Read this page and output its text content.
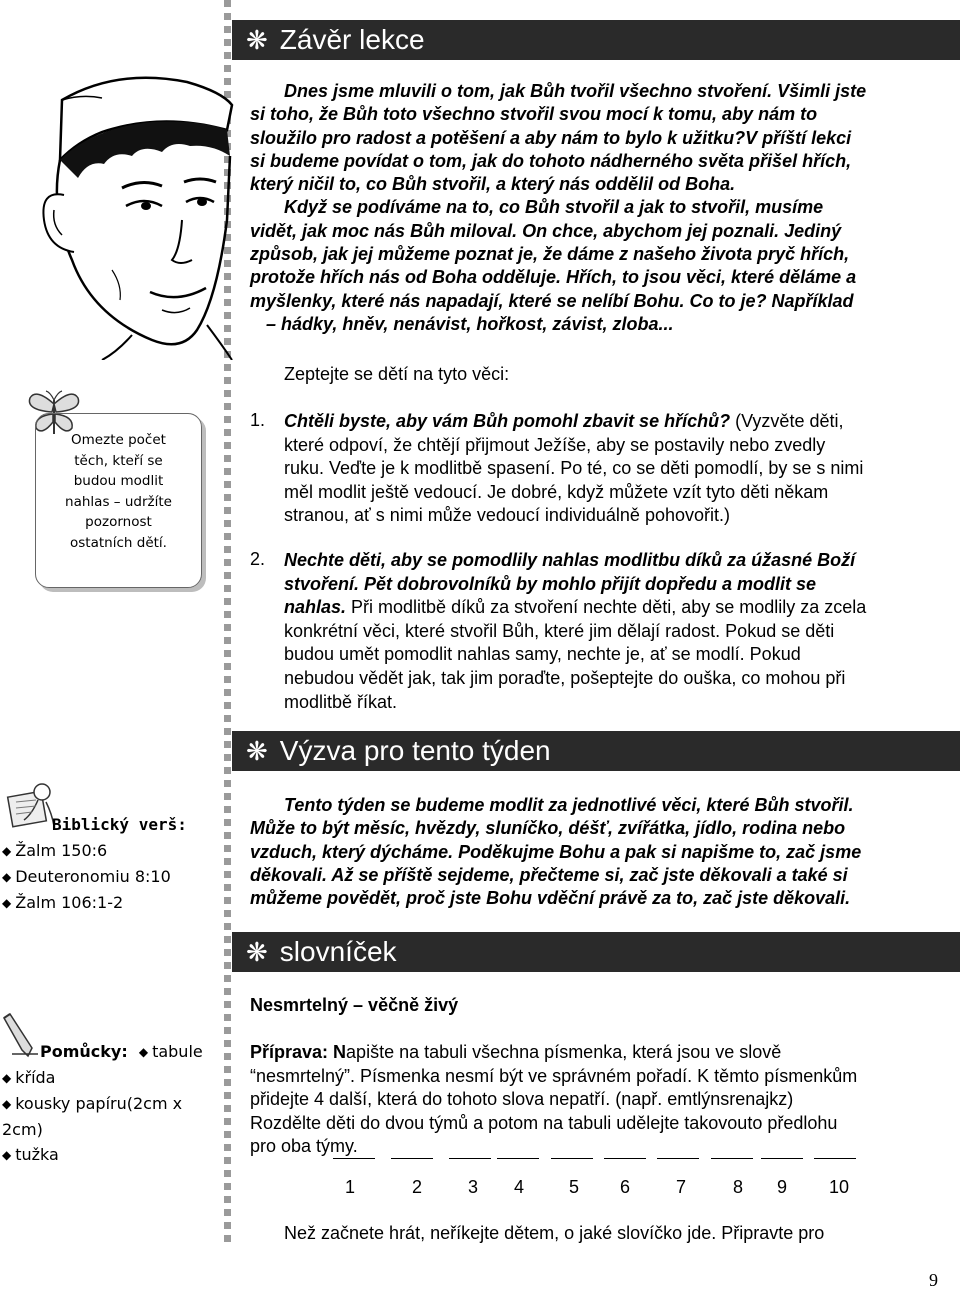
❋ Závěr lekce
Dnes jsme mluvili o tom, jak Bůh tvořil všechno stvoření. Všimli jste
si toho, že Bůh toto všechno stvořil svou mocí k tomu, aby nám to
sloužilo pro radost a potěšení a aby nám to bylo k užitku?V příští lekci
si budeme povídat o tom, jak do tohoto nádherného světa přišel hřích,
který ničil to, co Bůh stvořil, a který nás oddělil od Boha.
Když se podíváme na to, co Bůh stvořil a jak to stvořil, musíme
vidět, jak moc nás Bůh miloval. On chce, abychom jej poznali. Jediný
způsob, jak jej můžeme poznat je, že dáme z našeho života pryč hřích,
protože hřích nás od Boha odděluje. Hřích, to jsou věci, které děláme a
myšlenky, které nás napadají, které se nelíbí Bohu. Co to je? Například
– hádky, hněv, nenávist, hořkost, závist, zloba...
Zeptejte se dětí na tyto věci:
1. Chtěli byste, aby vám Bůh pomohl zbavit se hříchů? (Vyzvěte děti,
které odpoví, že chtějí přijmout Ježíše, aby se postavily nebo zvedly
ruku. Veďte je k modlitbě spasení. Po té, co se děti pomodlí, by se s nimi
měl modlit ještě vedoucí. Je dobré, když můžete vzít tyto děti někam
stranou, ať s nimi může vedoucí individuálně pohovořit.)
2. Nechte děti, aby se pomodlily nahlas modlitbu díků za úžasné Boží
stvoření. Pět dobrovolníků by mohlo přijít dopředu a modlit se
nahlas. Při modlitbě díků za stvoření nechte děti, aby se modlily za zcela
konkrétní věci, které stvořil Bůh, které jim dělají radost. Pokud se děti
budou umět pomodlit nahlas samy, nechte je, ať se modlí. Pokud
nebudou vědět jak, tak jim poraďte, pošeptejte do ouška, co mohou při
modlitbě říkat.
❋ Výzva pro tento týden
Tento týden se budeme modlit za jednotlivé věci, které Bůh stvořil.
Může to být měsíc, hvězdy, sluníčko, déšť, zvířátka, jídlo, rodina nebo
vzduch, který dýcháme. Poděkujme Bohu a pak si napišme to, zač jsme
děkovali. Až se příště sejdeme, přečteme si, zač jste děkovali a také si
můžeme povědět, proč jste Bohu vděční právě za to, zač jste děkovali.
❋ slovníček
Nesmrtelný – věčně živý
Příprava: Napište na tabuli všechna písmenka, která jsou ve slově
“nesmrtelný”. Písmenka nesmí být ve správném pořadí. K těmto písmenkům
přidejte 4 další, která do tohoto slova nepatří. (např. emtlýnsrenajkz)
Rozdělte děti do dvou týmů a potom na tabuli udělejte takovouto předlohu
pro oba týmy.
1	2	3 4 5 6	7	8 9 10
Než začnete hrát, neříkejte dětem, o jaké slovíčko jde. Připravte pro
Omezte počet
těch, kteří se
budou modlit
nahlas – udržíte
pozornost
ostatních dětí.
Biblický verš:
◆ Žalm 150:6
◆ Deuteronomiu 8:10
◆ Žalm 106:1-2
Pomůcky: ◆ tabule
◆ křída
◆ kousky papíru(2cm x
2cm)
◆ tužka
9
